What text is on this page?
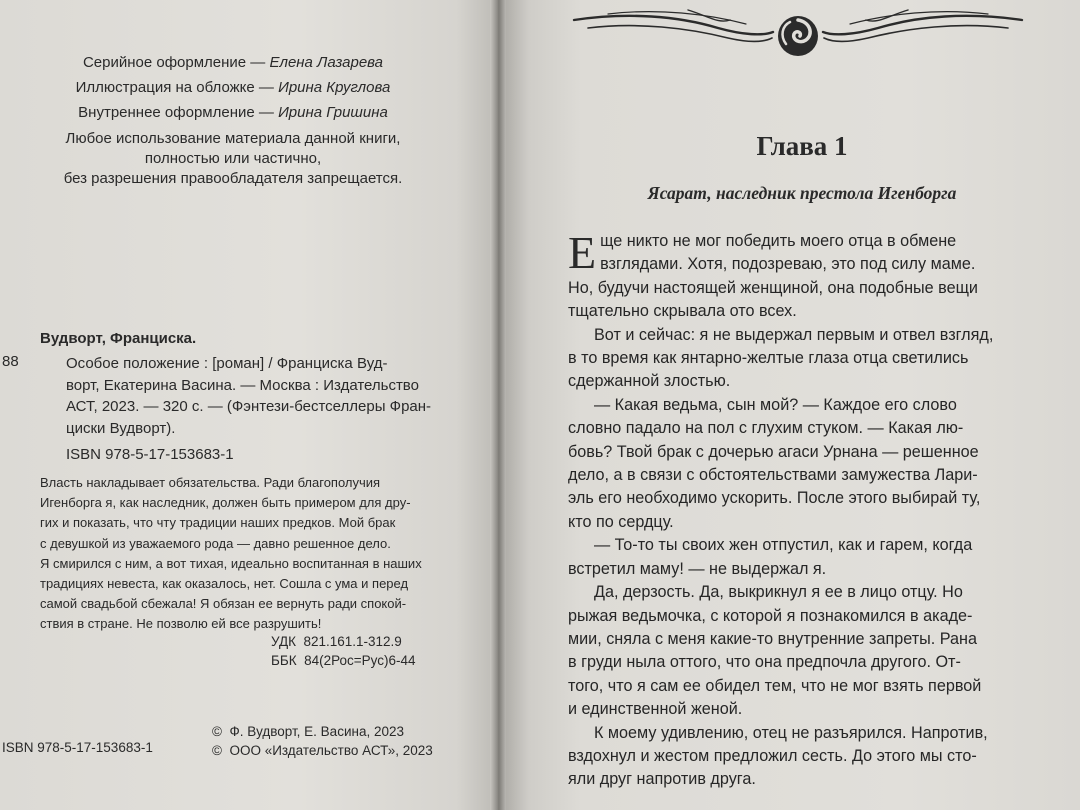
Серийное оформление — Елена Лазарева
Иллюстрация на обложке — Ирина Круглова
Внутреннее оформление — Ирина Гришина
Любое использование материала данной книги,
полностью или частично,
без разрешения правообладателя запрещается.
Вудворт, Франциска.
88	Особое положение : [роман] / Франциска Вуд-
ворт, Екатерина Васина. — Москва : Издательство
АСТ, 2023. — 320 с. — (Фэнтези-бестселлеры Фран-
циски Вудворт).
ISBN 978-5-17-153683-1
Власть накладывает обязательства. Ради благополучия
Игенборга я, как наследник, должен быть примером для дру-
гих и показать, что чту традиции наших предков. Мой брак
с девушкой из уважаемого рода — давно решенное дело.
Я смирился с ним, а вот тихая, идеально воспитанная в наших
традициях невеста, как оказалось, нет. Сошла с ума и перед
самой свадьбой сбежала! Я обязан ее вернуть ради спокой-
ствия в стране. Не позволю ей все разрушить!
УДК  821.161.1-312.9
ББК  84(2Рос=Рус)6-44
©  Ф. Вудворт, Е. Васина, 2023
©  ООО «Издательство АСТ», 2023
ISBN 978-5-17-153683-1
Глава 1
Ясарат, наследник престола Игенборга

Е ще никто не мог победить моего отца в обмене
взглядами. Хотя, подозреваю, это под силу маме.
Но, будучи настоящей женщиной, она подобные вещи
тщательно скрывала ото всех.

Вот и сейчас: я не выдержал первым и отвел взгляд,
в то время как янтарно-желтые глаза отца светились
сдержанной злостью.

— Какая ведьма, сын мой? — Каждое его слово
словно падало на пол с глухим стуком. — Какая лю-
бовь? Твой брак с дочерью агаси Урнана — решенное
дело, а в связи с обстоятельствами замужества Лари-
эль его необходимо ускорить. После этого выбирай ту,
кто по сердцу.

— То-то ты своих жен отпустил, как и гарем, когда
встретил маму! — не выдержал я.

Да, дерзость. Да, выкрикнул я ее в лицо отцу. Но
рыжая ведьмочка, с которой я познакомился в акаде-
мии, сняла с меня какие-то внутренние запреты. Рана
в груди ныла оттого, что она предпочла другого. От-
того, что я сам ее обидел тем, что не мог взять первой
и единственной женой.

К моему удивлению, отец не разъярился. Напротив,
вздохнул и жестом предложил сесть. До этого мы сто-
яли друг напротив друга.
